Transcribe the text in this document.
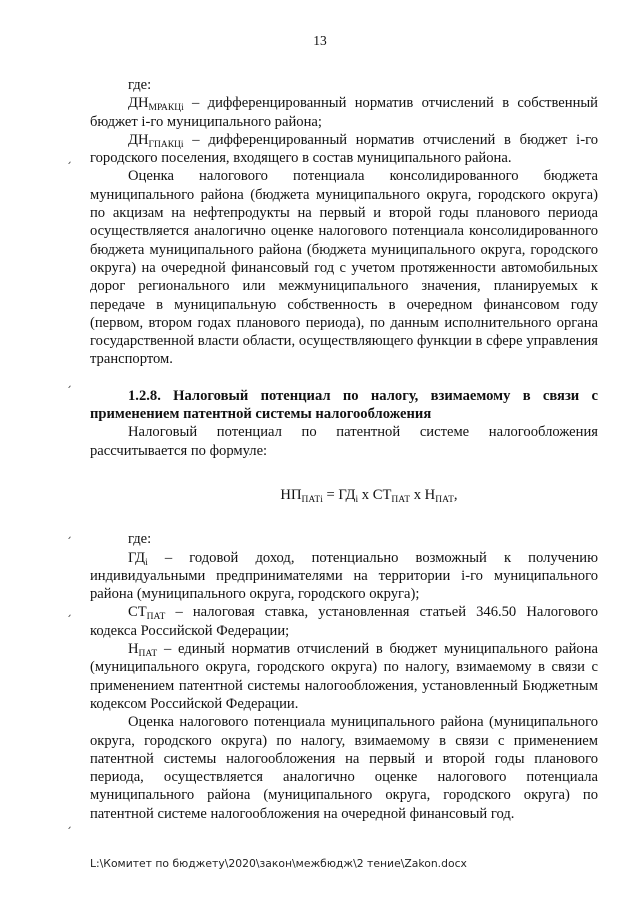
13

где:

$ДН_{МРАКЦi}$ – дифференцированный норматив отчислений в собственный бюджет i-го муниципального района;

$ДН_{ГПАКЦi}$ – дифференцированный норматив отчислений в бюджет i-го городского поселения, входящего в состав муниципального района.

Оценка налогового потенциала консолидированного бюджета муниципального района (бюджета муниципального округа, городского округа) по акцизам на нефтепродукты на первый и второй годы планового периода осуществляется аналогично оценке налогового потенциала консолидированного бюджета муниципального района (бюджета муниципального округа, городского округа) на очередной финансовый год с учетом протяженности автомобильных дорог регионального или межмуниципального значения, планируемых к передаче в муниципальную собственность в очередном финансовом году (первом, втором годах планового периода), по данным исполнительного органа государственной власти области, осуществляющего функции в сфере управления транспортом.

1.2.8. Налоговый потенциал по налогу, взимаемому в связи с применением патентной системы налогообложения

Налоговый потенциал по патентной системе налогообложения рассчитывается по формуле:

$НП_{ПАТi} = ГД_i$ х $СТ_{ПАТ}$ х $Н_{ПАТ}$,

где:

$ГД_i$ – годовой доход, потенциально возможный к получению индивидуальными предпринимателями на территории i-го муниципального района (муниципального округа, городского округа);

$СТ_{ПАТ}$ – налоговая ставка, установленная статьей 346.50 Налогового кодекса Российской Федерации;

$Н_{ПАТ}$ – единый норматив отчислений в бюджет муниципального района (муниципального округа, городского округа) по налогу, взимаемому в связи с применением патентной системы налогообложения, установленный Бюджетным кодексом Российской Федерации.

Оценка налогового потенциала муниципального района (муниципального округа, городского округа) по налогу, взимаемому в связи с применением патентной системы налогообложения на первый и второй годы планового периода, осуществляется аналогично оценке налогового потенциала муниципального района (муниципального округа, городского округа) по патентной системе налогообложения на очередной финансовый год.

ˏ
ˏ
ˏ
ˏ
ˏ
L:\Комитет по бюджету\2020\закон\межбюдж\2 тение\Zakon.docx
